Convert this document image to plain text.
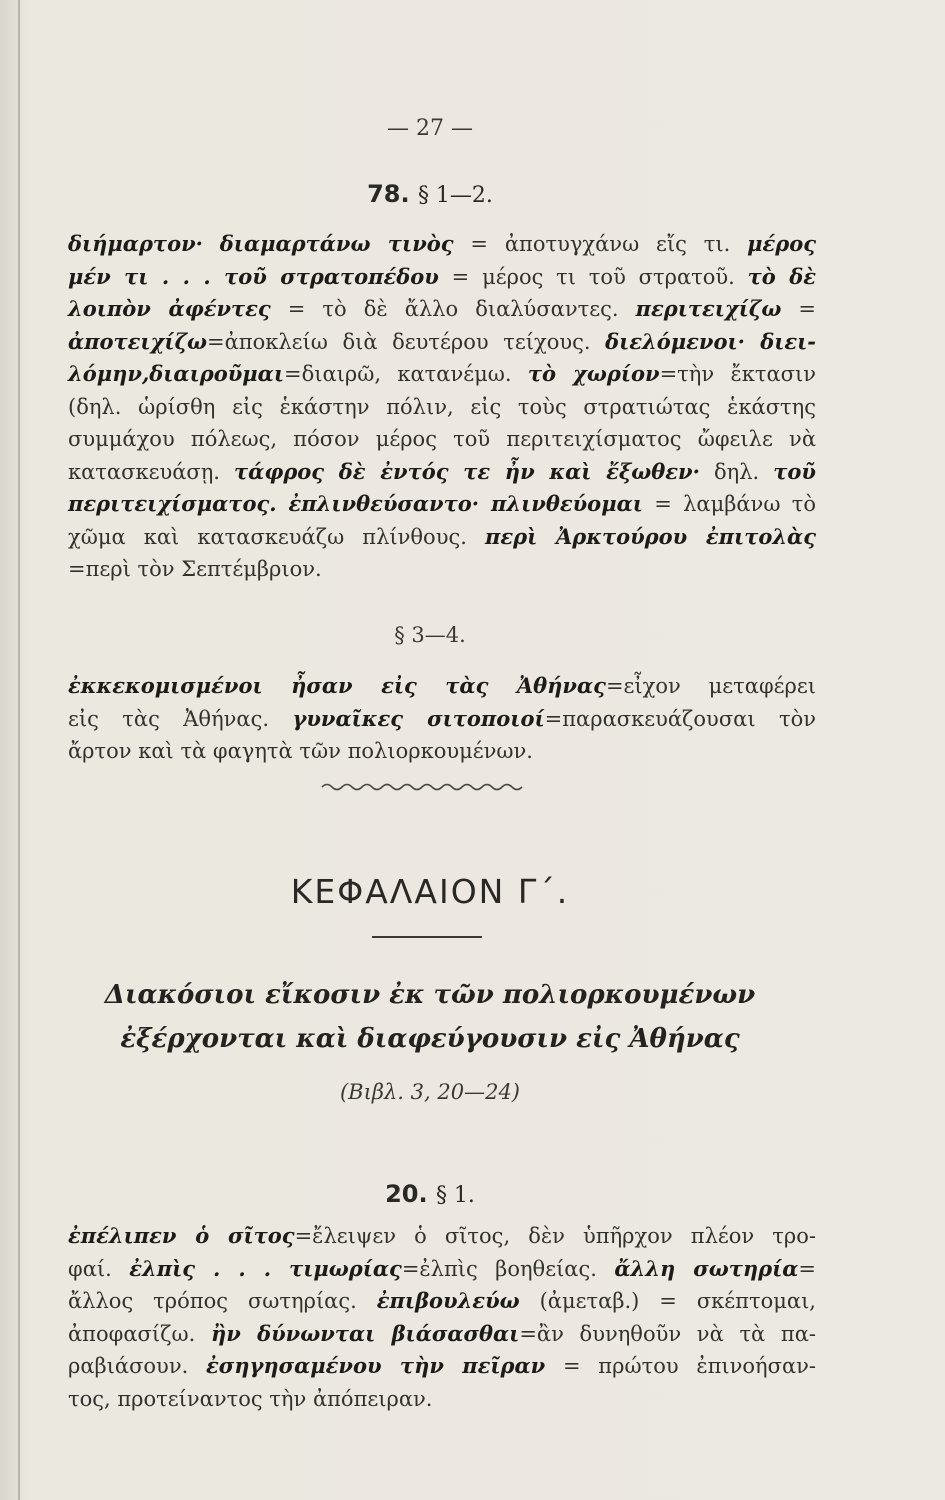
— 27 —
78. § 1—2.
διήμαρτον· διαμαρτάνω τινὸς = ἀποτυγχάνω εἴς τι. μέρος
μέν τι . . . τοῦ στρατοπέδου = μέρος τι τοῦ στρατοῦ. τὸ δὲ
λοιπὸν ἀφέντες = τὸ δὲ ἄλλο διαλύσαντες. περιτειχίζω =
ἀποτειχίζω=ἀποκλείω διὰ δευτέρου τείχους. διελόμενοι· διει-
λόμην,διαιροῦμαι=διαιρῶ, κατανέμω. τὸ χωρίον=τὴν ἔκτασιν
(δηλ. ὡρίσθη εἰς ἑκάστην πόλιν, εἰς τοὺς στρατιώτας ἑκάστης
συμμάχου πόλεως, πόσον μέρος τοῦ περιτειχίσματος ὤφειλε νὰ
κατασκευάσῃ. τάφρος δὲ ἐντός τε ἦν καὶ ἔξωθεν· δηλ. τοῦ
περιτειχίσματος. ἐπλινθεύσαντο· πλινθεύομαι = λαμβάνω τὸ
χῶμα καὶ κατασκευάζω πλίνθους. περὶ Ἀρκτούρου ἐπιτολὰς
=περὶ τὸν Σεπτέμβριον.
§ 3—4.
ἐκκεκομισμένοι ἦσαν εἰς τὰς Ἀθήνας=εἶχον μεταφέρει
εἰς τὰς Ἀθήνας. γυναῖκες σιτοποιοί=παρασκευάζουσαι τὸν
ἄρτον καὶ τὰ φαγητὰ τῶν πολιορκουμένων.
ΚΕΦΑΛΑΙΟΝ Γ΄.
Διακόσιοι εἴκοσιν ἐκ τῶν πολιορκουμένων
ἐξέρχονται καὶ διαφεύγουσιν εἰς Ἀθήνας
(Βιβλ. 3, 20—24)
20. § 1.
ἐπέλιπεν ὁ σῖτος=ἔλειψεν ὁ σῖτος, δὲν ὑπῆρχον πλέον τρο-
φαί. ἐλπὶς . . . τιμωρίας=ἐλπὶς βοηθείας. ἄλλη σωτηρία=
ἄλλος τρόπος σωτηρίας. ἐπιβουλεύω (ἀμεταβ.) = σκέπτομαι,
ἀποφασίζω. ἢν δύνωνται βιάσασθαι=ἂν δυνηθοῦν νὰ τὰ πα-
ραβιάσουν. ἐσηγησαμένου τὴν πεῖραν = πρώτου ἐπινοήσαν-
τος, προτείναντος τὴν ἀπόπειραν.
